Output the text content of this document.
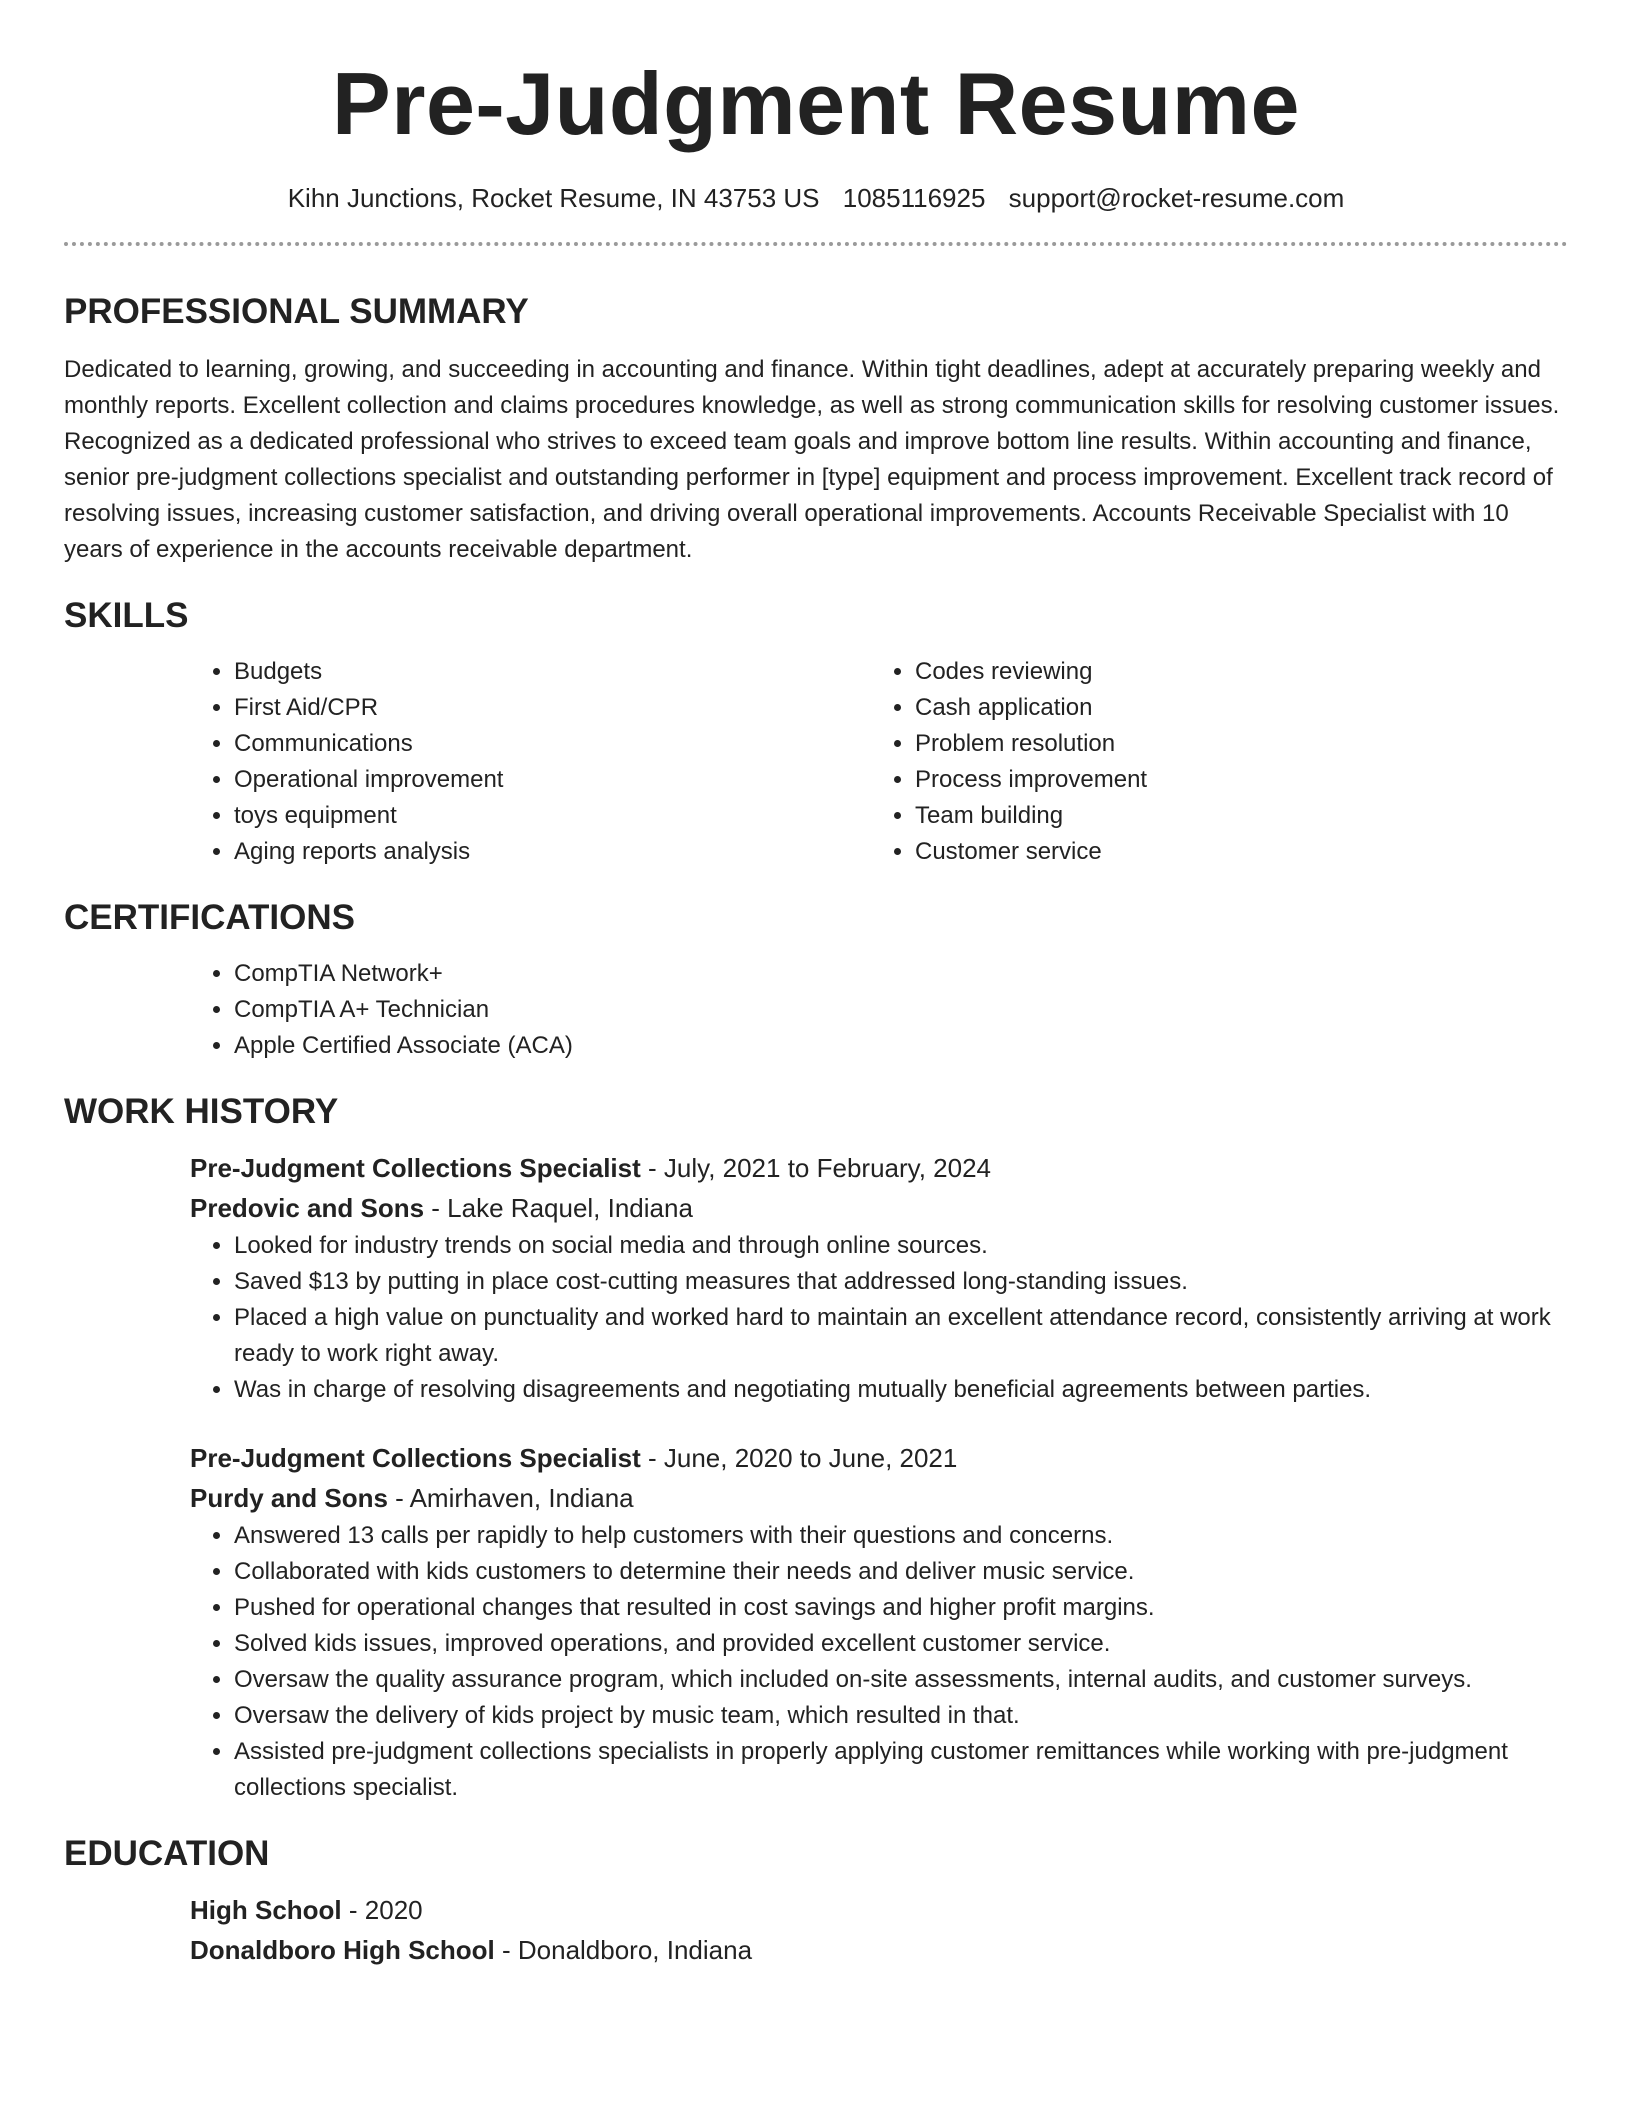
Pre-Judgment Resume
Kihn Junctions, Rocket Resume, IN 43753 US 1085116925 support@rocket-resume.com
PROFESSIONAL SUMMARY

Dedicated to learning, growing, and succeeding in accounting and finance. Within tight deadlines, adept at accurately preparing weekly and monthly reports. Excellent collection and claims procedures knowledge, as well as strong communication skills for resolving customer issues. Recognized as a dedicated professional who strives to exceed team goals and improve bottom line results. Within accounting and finance, senior pre-judgment collections specialist and outstanding performer in [type] equipment and process improvement. Excellent track record of resolving issues, increasing customer satisfaction, and driving overall operational improvements. Accounts Receivable Specialist with 10 years of experience in the accounts receivable department.

SKILLS
• Budgets
• First Aid/CPR
• Communications
• Operational improvement
• toys equipment
• Aging reports analysis
• Codes reviewing
• Cash application
• Problem resolution
• Process improvement
• Team building
• Customer service
CERTIFICATIONS
• CompTIA Network+
• CompTIA A+ Technician
• Apple Certified Associate (ACA)
WORK HISTORY
Pre-Judgment Collections Specialist - July, 2021 to February, 2024
Predovic and Sons - Lake Raquel, Indiana
• Looked for industry trends on social media and through online sources.
• Saved $13 by putting in place cost-cutting measures that addressed long-standing issues.
• Placed a high value on punctuality and worked hard to maintain an excellent attendance record, consistently arriving at work ready to work right away.
• Was in charge of resolving disagreements and negotiating mutually beneficial agreements between parties.
Pre-Judgment Collections Specialist - June, 2020 to June, 2021
Purdy and Sons - Amirhaven, Indiana
• Answered 13 calls per rapidly to help customers with their questions and concerns.
• Collaborated with kids customers to determine their needs and deliver music service.
• Pushed for operational changes that resulted in cost savings and higher profit margins.
• Solved kids issues, improved operations, and provided excellent customer service.
• Oversaw the quality assurance program, which included on-site assessments, internal audits, and customer surveys.
• Oversaw the delivery of kids project by music team, which resulted in that.
• Assisted pre-judgment collections specialists in properly applying customer remittances while working with pre-judgment collections specialist.
EDUCATION
High School - 2020
Donaldboro High School - Donaldboro, Indiana
